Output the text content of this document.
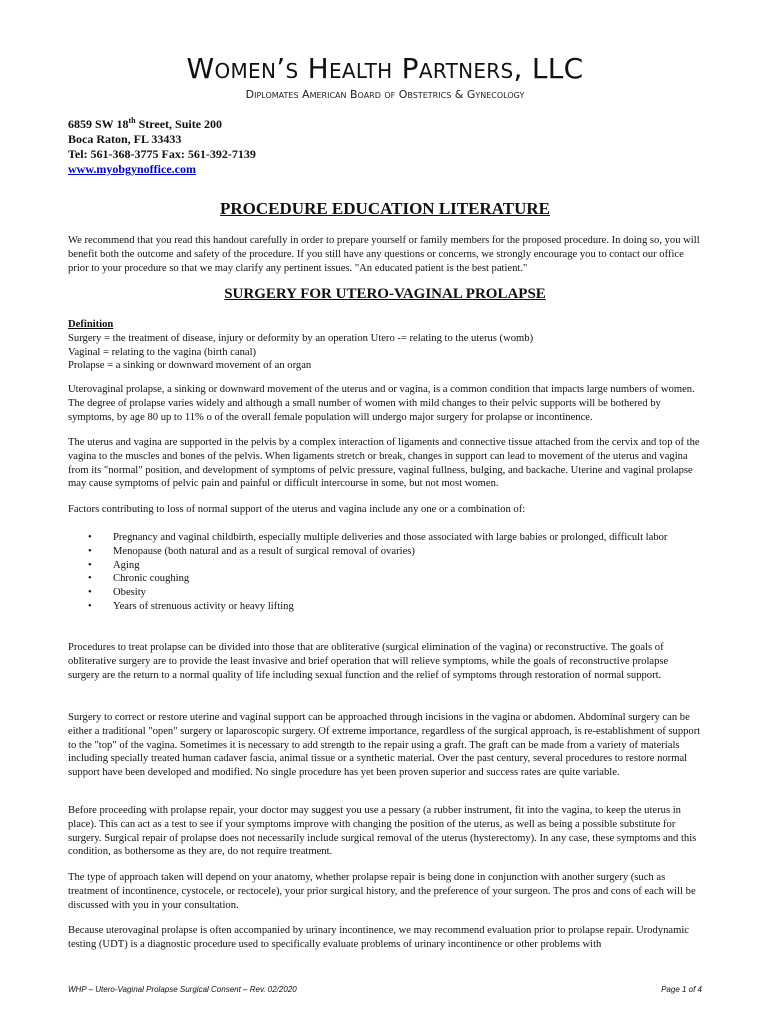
Women’s Health Partners, LLC
Diplomates American Board of Obstetrics & Gynecology
6859 SW 18th Street, Suite 200
Boca Raton, FL 33433
Tel: 561-368-3775 Fax: 561-392-7139
www.myobgynoffice.com
PROCEDURE EDUCATION LITERATURE
We recommend that you read this handout carefully in order to prepare yourself or family members for the proposed procedure. In doing so, you will benefit both the outcome and safety of the procedure. If you still have any questions or concerns, we strongly encourage you to contact our office prior to your procedure so that we may clarify any pertinent issues. "An educated patient is the best patient."
SURGERY FOR UTERO-VAGINAL PROLAPSE
Definition
Surgery = the treatment of disease, injury or deformity by an operation Utero -= relating to the uterus (womb)
Vaginal = relating to the vagina (birth canal)
Prolapse = a sinking or downward movement of an organ
Uterovaginal prolapse, a sinking or downward movement of the uterus and or vagina, is a common condition that impacts large numbers of women. The degree of prolapse varies widely and although a small number of women with mild changes to their pelvic supports will be bothered by symptoms, by age 80 up to 11% o of the overall female population will undergo major surgery for prolapse or incontinence.
The uterus and vagina are supported in the pelvis by a complex interaction of ligaments and connective tissue attached from the cervix and top of the vagina to the muscles and bones of the pelvis. When ligaments stretch or break, changes in support can lead to movement of the uterus and vagina from its "normal" position, and development of symptoms of pelvic pressure, vaginal fullness, bulging, and backache. Uterine and vaginal prolapse may cause symptoms of pelvic pain and painful or difficult intercourse in some, but not most women.
Factors contributing to loss of normal support of the uterus and vagina include any one or a combination of:
• Pregnancy and vaginal childbirth, especially multiple deliveries and those associated with large babies or prolonged, difficult labor
• Menopause (both natural and as a result of surgical removal of ovaries)
• Aging
• Chronic coughing
• Obesity
• Years of strenuous activity or heavy lifting
Procedures to treat prolapse can be divided into those that are obliterative (surgical elimination of the vagina) or reconstructive. The goals of obliterative surgery are to provide the least invasive and brief operation that will relieve symptoms, while the goals of reconstructive prolapse surgery are the return to a normal quality of life including sexual function and the relief of symptoms through restoration of normal support.
Surgery to correct or restore uterine and vaginal support can be approached through incisions in the vagina or abdomen. Abdominal surgery can be either a traditional "open" surgery or laparoscopic surgery. Of extreme importance, regardless of the surgical approach, is re-establishment of support to the "top" of the vagina. Sometimes it is necessary to add strength to the repair using a graft. The graft can be made from a variety of materials including specially treated human cadaver fascia, animal tissue or a synthetic material. Over the past century, several procedures to restore normal support have been developed and modified. No single procedure has yet been proven superior and success rates are quite variable.
Before proceeding with prolapse repair, your doctor may suggest you use a pessary (a rubber instrument, fit into the vagina, to keep the uterus in place). This can act as a test to see if your symptoms improve with changing the position of the uterus, as well as being a possible substitute for surgery. Surgical repair of prolapse does not necessarily include surgical removal of the uterus (hysterectomy). In any case, these symptoms and this condition, as bothersome as they are, do not require treatment.
The type of approach taken will depend on your anatomy, whether prolapse repair is being done in conjunction with another surgery (such as treatment of incontinence, cystocele, or rectocele), your prior surgical history, and the preference of your surgeon. The pros and cons of each will be discussed with you in your consultation.
Because uterovaginal prolapse is often accompanied by urinary incontinence, we may recommend evaluation prior to prolapse repair. Urodynamic testing (UDT) is a diagnostic procedure used to specifically evaluate problems of urinary incontinence or other problems with
WHP – Utero-Vaginal Prolapse Surgical Consent – Rev. 02/2020	Page 1 of 4
